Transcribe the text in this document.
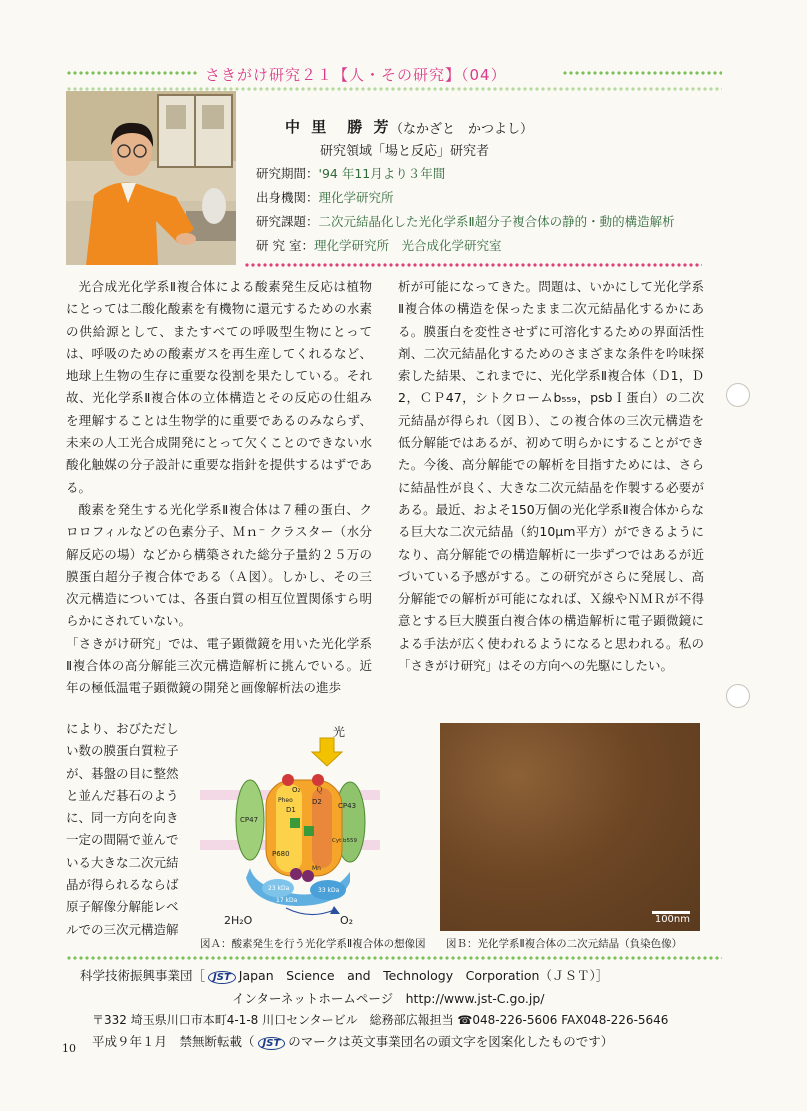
さきがけ研究２１【人・その研究】（04）
中 里　勝 芳
（なかざと　かつよし）
研究領域「場と反応」研究者
研究期間：'94 年11月より３年間
出身機関：理化学研究所
研究課題：二次元結晶化した光化学系Ⅱ超分子複合体の静的・動的構造解析
研 究 室：理化学研究所　光合成化学研究室

光合成光化学系Ⅱ複合体による酸素発生反応は植物にとっては二酸化酸素を有機物に還元するための水素の供給源として、またすべての呼吸型生物にとっては、呼吸のための酸素ガスを再生産してくれるなど、地球上生物の生存に重要な役割を果たしている。それ故、光化学系Ⅱ複合体の立体構造とその反応の仕組みを理解することは生物学的に重要であるのみならず、未来の人工光合成開発にとって欠くことのできない水酸化触媒の分子設計に重要な指針を提供するはずである。

酸素を発生する光化学系Ⅱ複合体は７種の蛋白、クロロフィルなどの色素分子、Ｍｎ⁻ クラスター（水分解反応の場）などから構築された総分子量約２５万の膜蛋白超分子複合体である（Ａ図）。しかし、その三次元構造については、各蛋白質の相互位置関係すら明らかにされていない。

「さきがけ研究」では、電子顕微鏡を用いた光化学系Ⅱ複合体の高分解能三次元構造解析に挑んでいる。近年の極低温電子顕微鏡の開発と画像解析法の進歩

により、おびただしい数の膜蛋白質粒子が、碁盤の目に整然と並んだ碁石のように、同一方向を向き一定の間隔で並んでいる大きな二次元結晶が得られるならば原子解像分解能レベルでの三次元構造解

析が可能になってきた。問題は、いかにして光化学系Ⅱ複合体の構造を保ったまま二次元結晶化するかにある。膜蛋白を変性させずに可溶化するための界面活性剤、二次元結晶化するためのさまざまな条件を吟味探索した結果、これまでに、光化学系Ⅱ複合体（Ｄ1，Ｄ2，ＣＰ47，シトクロームb₅₅₉，psbＩ蛋白）の二次元結晶が得られ（図Ｂ）、この複合体の三次元構造を低分解能ではあるが、初めて明らかにすることができた。今後、高分解能での解析を目指すためには、さらに結晶性が良く、大きな二次元結晶を作製する必要がある。最近、およそ150万個の光化学系Ⅱ複合体からなる巨大な二次元結晶（約10μm平方）ができるようになり、高分解能での構造解析に一歩ずつではあるが近づいている予感がする。この研究がさらに発展し、高分解能での解析が可能になれば、Ｘ線やＮＭＲが不得意とする巨大膜蛋白複合体の構造解析に電子顕微鏡による手法が広く使われるようになると思われる。私の「さきがけ研究」はその方向への先駆にしたい。

光
O₂ Ｑ
Pheo	D2
D1
CP47
CP43
Cyt b559
P680
Mn
23 kDa
17 kDa
33 kDa
2H₂O	O₂
図Ａ：酸素発生を行う光化学系Ⅱ複合体の想像図
100nm
図Ｂ：光化学系Ⅱ複合体の二次元結晶（負染色像）
科学技術振興事業団［ JST Japan　Science　and　Technology　Corporation（ＪＳＴ）］
インターネットホームページ　http://www.jst-C.go.jp/
〒332 埼玉県川口市本町4-1-8 川口センタービル　総務部広報担当 ☎048-226-5606 FAX048-226-5646
平成９年１月　禁無断転載（ JST のマークは英文事業団名の頭文字を図案化したものです）
10
